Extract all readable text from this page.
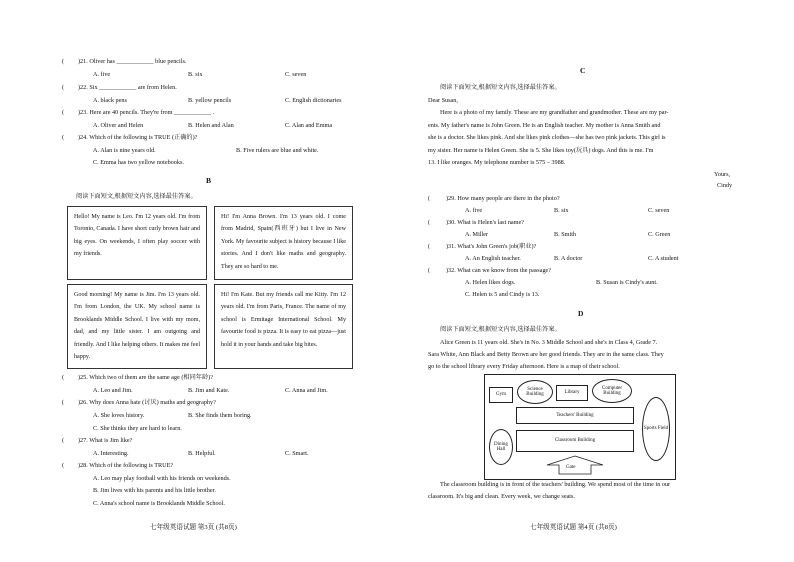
( )21. Oliver has ____________ blue pencils.
A. five	B. six	C. seven
( )22. Six ____________ are from Helen.
A. black pens	B. yellow pencils	C. English dictionaries
( )23. Here are 40 pencils. They're from ____________ .
A. Oliver and Helen	B. Helen and Alan	C. Alan and Emma
( )24. Which of the following is TRUE (正确的)?
A. Alan is nine years old.	B. Five rulers are blue and white.
C. Emma has two yellow notebooks.
B
阅读下面短文,根据短文内容,选择最佳答案。
Hello! My name is Leo. I'm 12 years old. I'm from Toronto, Canada. I have short curly brown hair and big eyes. On weekends, I often play soccer with my friends.
Hi! I'm Anna Brown. I'm 13 years old. I come from Madrid, Spain(西班牙) but I live in New York. My favourite subject is history because I like stories. And I don't like maths and geography. They are so hard to me.
Good morning! My name is Jim. I'm 13 years old. I'm from London, the UK. My school name is Brooklands Middle School. I live with my mom, dad, and my little sister. I am outgoing and friendly. And I like helping others. It makes me feel happy.
Hi! I'm Kate. But my friends call me Kitty. I'm 12 years old. I'm from Paris, France. The name of my school is Ermitage International School. My favourite food is pizza. It is easy to eat pizza—just hold it in your hands and take big bites.
( )25. Which two of them are the same age (相同年龄)?
A. Leo and Jim.	B. Jim and Kate.	C. Anna and Jim.
( )26. Why does Anna hate (讨厌) maths and geography?
A. She loves history.	B. She finds them boring.
C. She thinks they are hard to learn.
( )27. What is Jim like?
A. Interesting.	B. Helpful.	C. Smart.
( )28. Which of the following is TRUE?
A. Leo may play football with his friends on weekends.
B. Jim lives with his parents and his little brother.
C. Anna's school name is Brooklands Middle School.
七年级英语试题 第3页 (共8页)
C
阅读下面短文,根据短文内容,选择最佳答案。
Dear Susan,
Here is a photo of my family. These are my grandfather and grandmother. These are my par-
ents. My father's name is John Green. He is an English teacher. My mother is Anna Smith and
she is a doctor. She likes pink. And she likes pink clothes—she has two pink jackets. This girl is
my sister. Her name is Helen Green. She is 5. She likes toy(玩具) dogs. And this is me. I'm
13. I like oranges. My telephone number is 575 – 3988.
Yours,
Cindy
(	)29. How many people are there in the photo?
A. five	B. six	C. seven
(	)30. What is Helen's last name?
A. Miller	B. Smith	C. Green
(	)31. What's John Green's job(职业)?
A. An English teacher.	B. A doctor	C. A student
(	)32. What can we know from the passage?
A. Helen likes dogs.	B. Susan is Cindy's aunt.
C. Helen is 5 and Cindy is 13.
D
阅读下面短文,根据短文内容,选择最佳答案。
Alice Green is 11 years old. She's in No. 3 Middle School and she's in Class 4, Grade 7.
Sara White, Ann Black and Betty Brown are her good friends. They are in the same class. They
go to the school library every Friday afternoon. Here is a map of their school.
Gym
Science Building	Library
Computer Building
Teachers' Building
Sports Field
Dining Hall
Classroom Building
Gate
The classroom building is in front of the teachers' building. We spend most of the time in our
classroom. It's big and clean. Every week, we change seats.
七年级英语试题 第4页 (共8页)
